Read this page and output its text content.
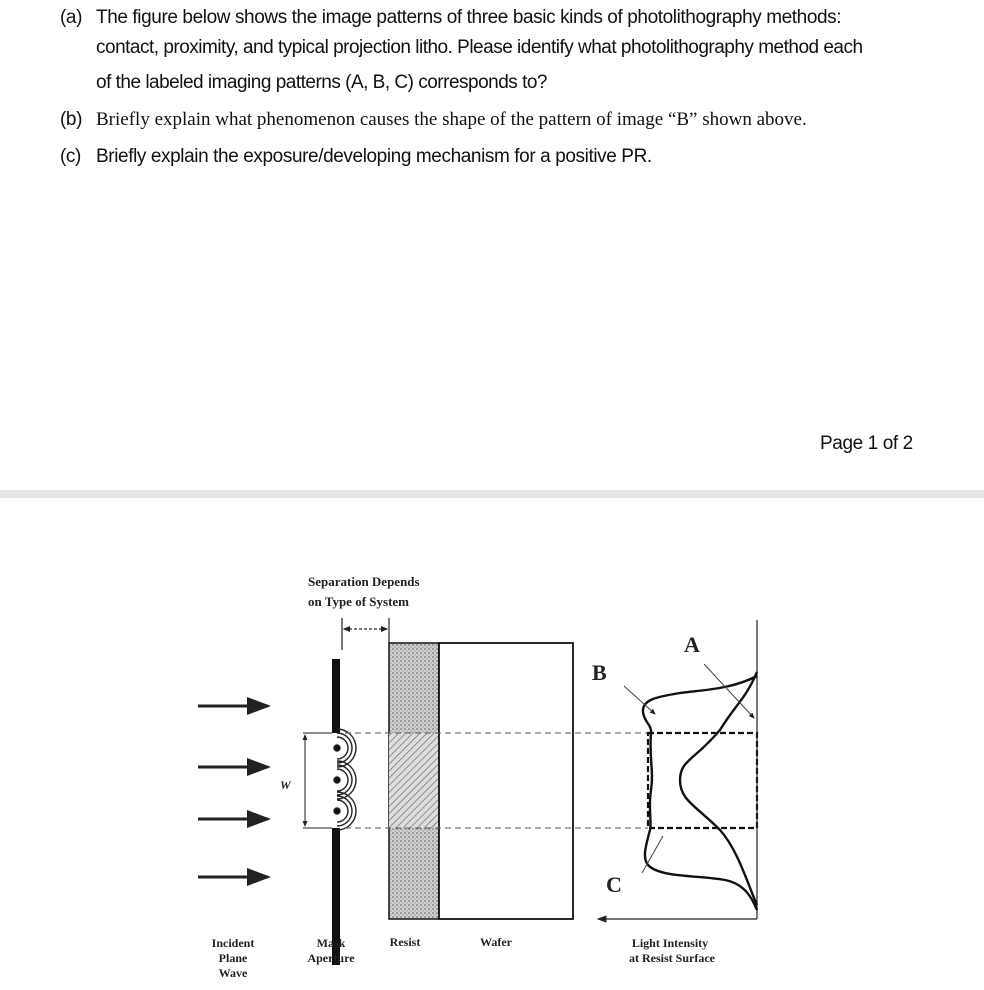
(a) The figure below shows the image patterns of three basic kinds of photolithography methods:
contact, proximity, and typical projection litho. Please identify what photolithography method each
of the labeled imaging patterns (A, B, C) corresponds to?
(b) Briefly explain what phenomenon causes the shape of the pattern of image “B” shown above.
(c) Briefly explain the exposure/developing mechanism for a positive PR.
Page 1 of 2
Separation Depends
on Type of System
W
B
A
C
Incident
Plane
Wave
Mask
Aperture
Resist	Wafer	Light Intensity
at Resist Surface
